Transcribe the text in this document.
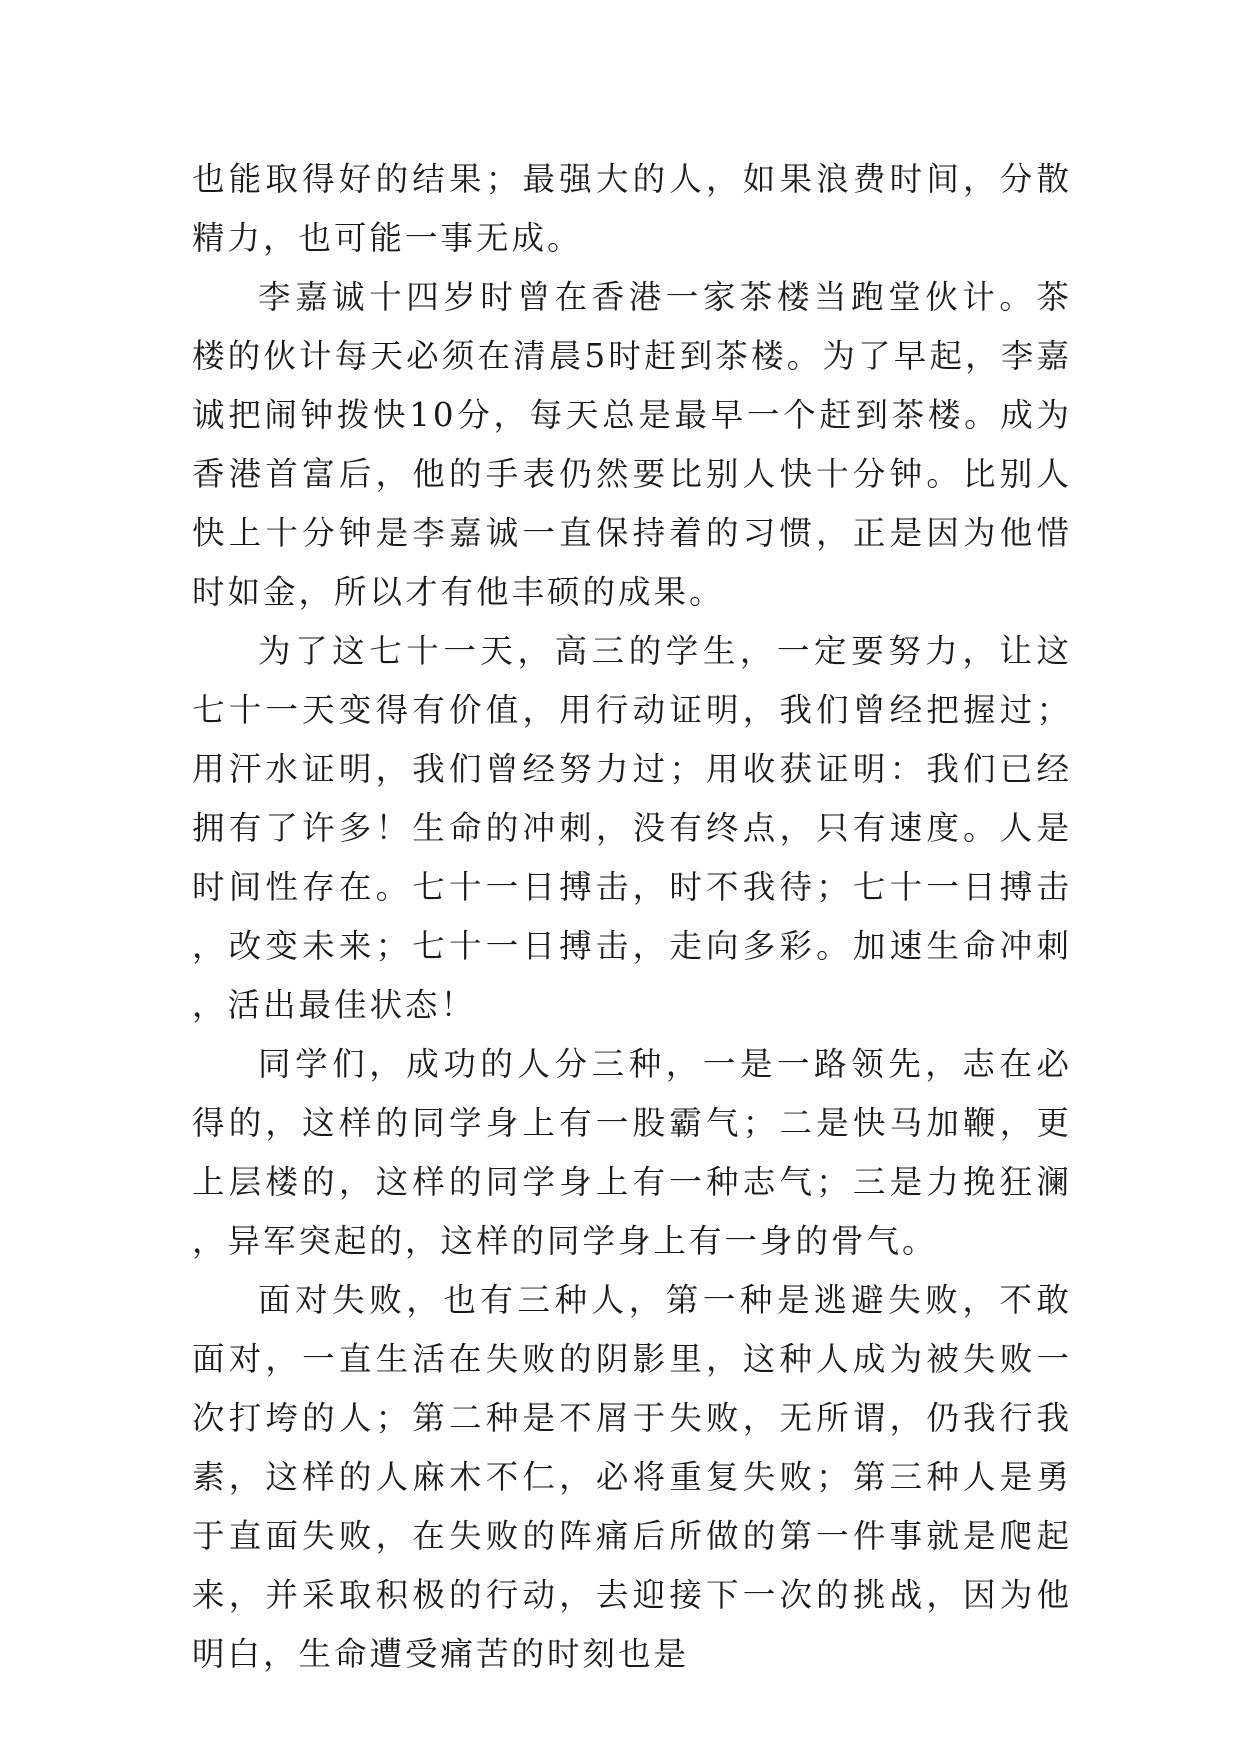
也能取得好的结果；最强大的人，如果浪费时间，分散精力，也可能一事无成。

李嘉诚十四岁时曾在香港一家茶楼当跑堂伙计。茶楼的伙计每天必须在清晨5时赶到茶楼。为了早起，李嘉诚把闹钟拨快10分，每天总是最早一个赶到茶楼。成为香港首富后，他的手表仍然要比别人快十分钟。比别人快上十分钟是李嘉诚一直保持着的习惯，正是因为他惜时如金，所以才有他丰硕的成果。

为了这七十一天，高三的学生，一定要努力，让这七十一天变得有价值，用行动证明，我们曾经把握过；用汗水证明，我们曾经努力过；用收获证明：我们已经拥有了许多！生命的冲刺，没有终点，只有速度。人是时间性存在。七十一日搏击，时不我待；七十一日搏击，改变未来；七十一日搏击，走向多彩。加速生命冲刺，活出最佳状态！

同学们，成功的人分三种，一是一路领先，志在必得的，这样的同学身上有一股霸气；二是快马加鞭，更上层楼的，这样的同学身上有一种志气；三是力挽狂澜，异军突起的，这样的同学身上有一身的骨气。

面对失败，也有三种人，第一种是逃避失败，不敢面对，一直生活在失败的阴影里，这种人成为被失败一次打垮的人；第二种是不屑于失败，无所谓，仍我行我素，这样的人麻木不仁，必将重复失败；第三种人是勇于直面失败，在失败的阵痛后所做的第一件事就是爬起来，并采取积极的行动，去迎接下一次的挑战，因为他明白，生命遭受痛苦的时刻也是
